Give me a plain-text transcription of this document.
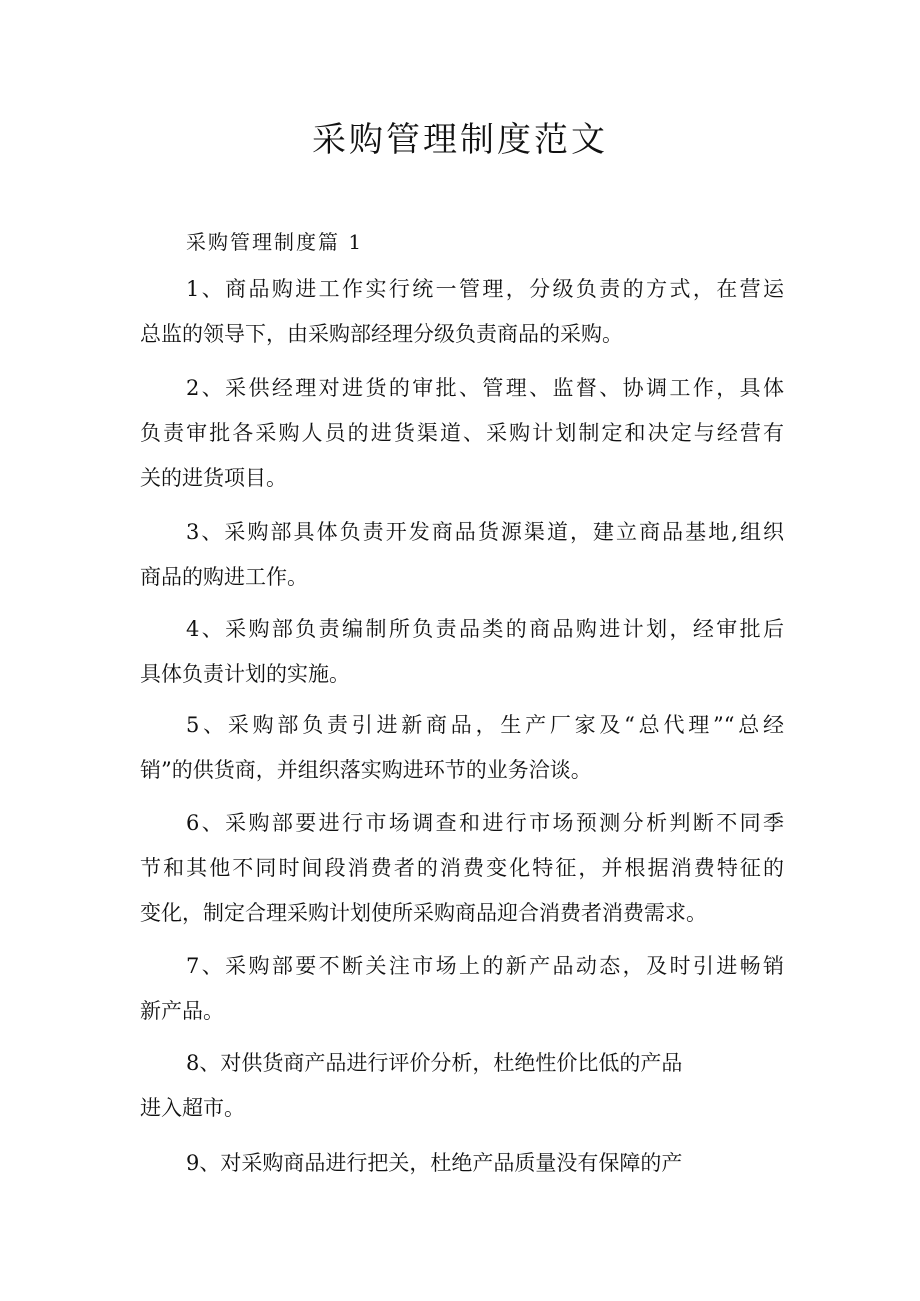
采购管理制度范文

采购管理制度篇 1

1、商品购进工作实行统一管理，分级负责的方式，在营运
总监的领导下，由采购部经理分级负责商品的采购。
2、采供经理对进货的审批、管理、监督、协调工作，具体
负责审批各采购人员的进货渠道、采购计划制定和决定与经营有
关的进货项目。
3、采购部具体负责开发商品货源渠道，建立商品基地,组织
商品的购进工作。
4、采购部负责编制所负责品类的商品购进计划，经审批后
具体负责计划的实施。
5、采购部负责引进新商品，生产厂家及“总代理”“总经
销”的供货商，并组织落实购进环节的业务洽谈。
6、采购部要进行市场调查和进行市场预测分析判断不同季
节和其他不同时间段消费者的消费变化特征，并根据消费特征的
变化，制定合理采购计划使所采购商品迎合消费者消费需求。
7、采购部要不断关注市场上的新产品动态，及时引进畅销
新产品。
8、对供货商产品进行评价分析，杜绝性价比低的产品
进入超市。
9、对采购商品进行把关，杜绝产品质量没有保障的产
